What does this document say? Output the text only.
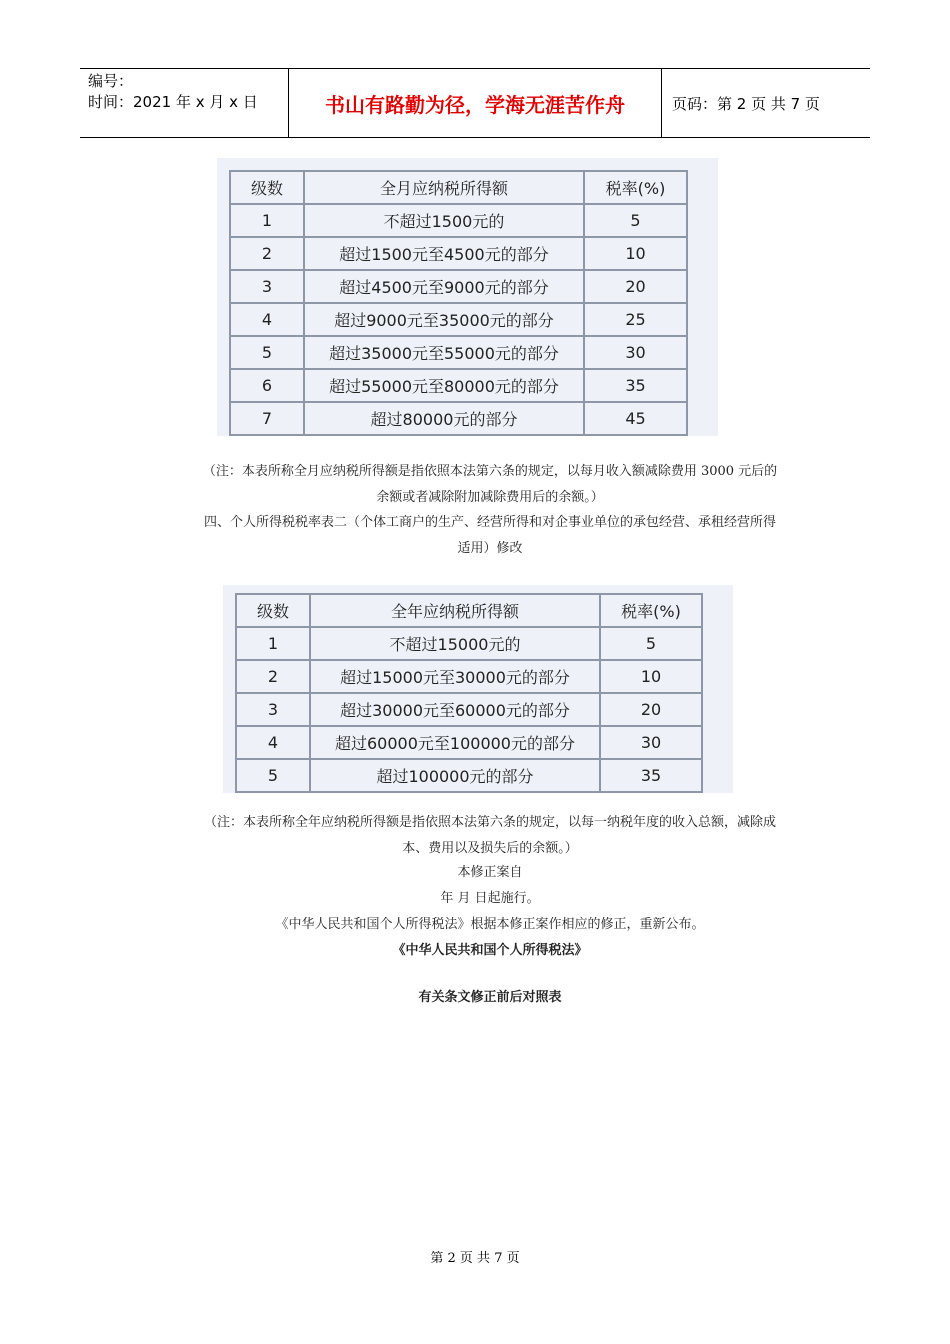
编号：
时间：2021 年 x 月 x 日	书山有路勤为径，学海无涯苦作舟	页码：第 2 页 共 7 页
级数	全月应纳税所得额	税率(%)
1	不超过1500元的	5
2	超过1500元至4500元的部分	10
3	超过4500元至9000元的部分	20
4	超过9000元至35000元的部分	25
5	超过35000元至55000元的部分	30
6	超过55000元至80000元的部分	35
7	超过80000元的部分	45
（注：本表所称全月应纳税所得额是指依照本法第六条的规定，以每月收入额减除费用 3000 元后的
余额或者减除附加减除费用后的余额。）
四、个人所得税税率表二（个体工商户的生产、经营所得和对企事业单位的承包经营、承租经营所得
适用）修改
级数	全年应纳税所得额	税率(%)
1	不超过15000元的	5
2	超过15000元至30000元的部分	10
3	超过30000元至60000元的部分	20
4	超过60000元至100000元的部分	30
5	超过100000元的部分	35
（注：本表所称全年应纳税所得额是指依照本法第六条的规定，以每一纳税年度的收入总额，减除成
本、费用以及损失后的余额。）
本修正案自
年 月 日起施行。
《中华人民共和国个人所得税法》根据本修正案作相应的修正，重新公布。
《中华人民共和国个人所得税法》
有关条文修正前后对照表
第 2 页 共 7 页
